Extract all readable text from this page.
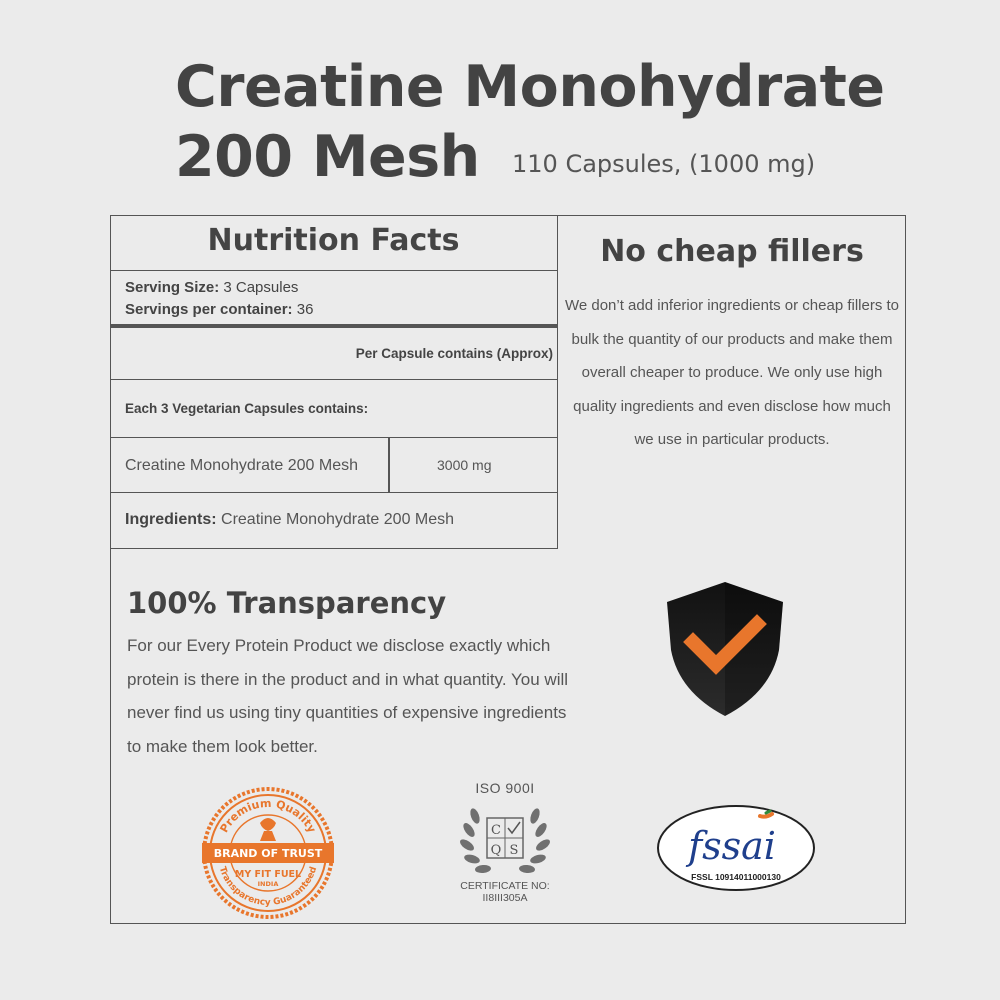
Creatine Monohydrate
200 Mesh	110 Capsules, (1000 mg)
Nutrition Facts
Serving Size: 3 Capsules
Servings per container: 36
Per Capsule contains (Approx)
Each 3 Vegetarian Capsules contains:
Creatine Monohydrate 200 Mesh	3000 mg
Ingredients: Creatine Monohydrate 200 Mesh
No cheap fillers
We don’t add inferior ingredients or cheap fillers to bulk the quantity of our products and make them overall cheaper to produce. We only use high quality ingredients and even disclose how much we use in particular products.
100% Transparency
For our Every Protein Product we disclose exactly which protein is there in the product and in what quantity. You will never find us using tiny quantities of expensive ingredients to make them look better.
Premium Quality
Transparency Guaranteed
BRAND OF TRUST
MY FIT FUEL
INDIA
ISO 900I
C
Q S
CERTIFICATE NO:
II8III305A
fssai
FSSL 10914011000130
